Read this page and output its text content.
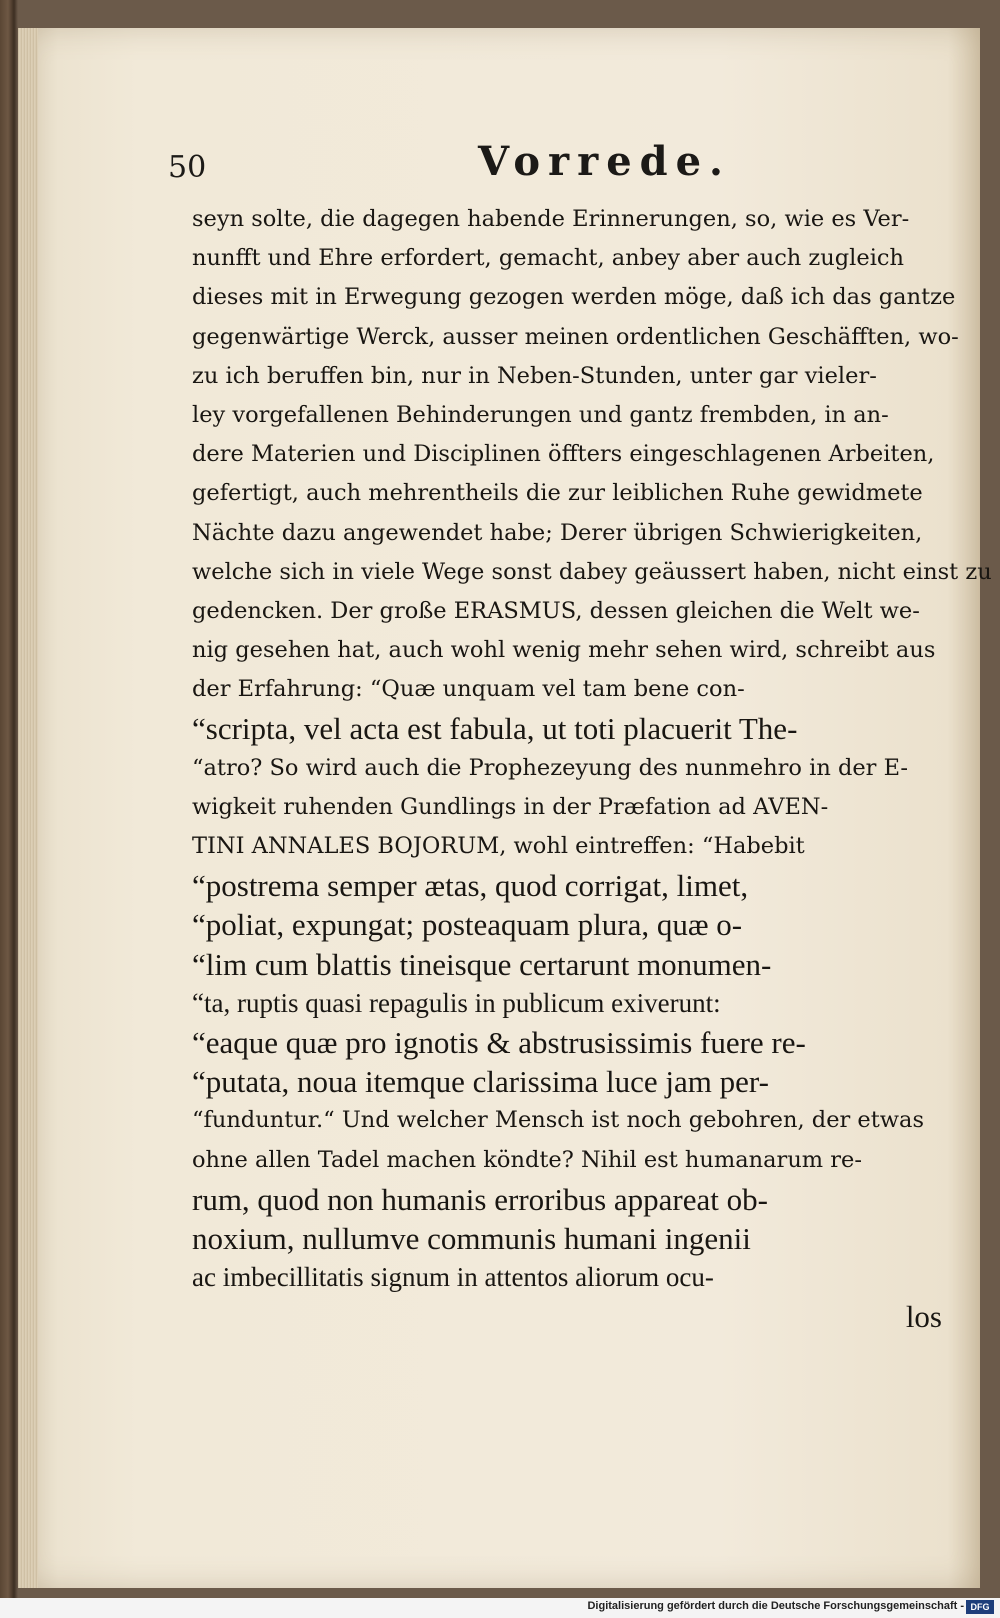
50	Vorrede.
seyn solte, die dagegen habende Erinnerungen, so, wie es Ver-
nunfft und Ehre erfordert, gemacht, anbey aber auch zugleich
dieses mit in Erwegung gezogen werden möge, daß ich das gantze
gegenwärtige Werck, ausser meinen ordentlichen Geschäfften, wo-
zu ich beruffen bin, nur in Neben-Stunden, unter gar vieler-
ley vorgefallenen Behinderungen und gantz frembden, in an-
dere Materien und Disciplinen öffters eingeschlagenen Arbeiten,
gefertigt, auch mehrentheils die zur leiblichen Ruhe gewidmete
Nächte dazu angewendet habe; Derer übrigen Schwierigkeiten,
welche sich in viele Wege sonst dabey geäussert haben, nicht einst zu
gedencken. Der große ERASMUS, dessen gleichen die Welt we-
nig gesehen hat, auch wohl wenig mehr sehen wird, schreibt aus
der Erfahrung: “Quæ unquam vel tam bene con-
“scripta, vel acta est fabula, ut toti placuerit The-
“atro? So wird auch die Prophezeyung des nunmehro in der E-
wigkeit ruhenden Gundlings in der Præfation ad AVEN-
TINI ANNALES BOJORUM, wohl eintreffen: “Habebit
“postrema semper ætas, quod corrigat, limet,
“poliat, expungat; posteaquam plura, quæ o-
“lim cum blattis tineisque certarunt monumen-
“ta, ruptis quasi repagulis in publicum exiverunt:
“eaque quæ pro ignotis & abstrusissimis fuere re-
“putata, noua itemque clarissima luce jam per-
“funduntur.“ Und welcher Mensch ist noch gebohren, der etwas
ohne allen Tadel machen köndte? Nihil est humanarum re-
rum, quod non humanis erroribus appareat ob-
noxium, nullumve communis humani ingenii
ac imbecillitatis signum in attentos aliorum ocu-
los
Digitalisierung gefördert durch die Deutsche Forschungsgemeinschaft - DFG
